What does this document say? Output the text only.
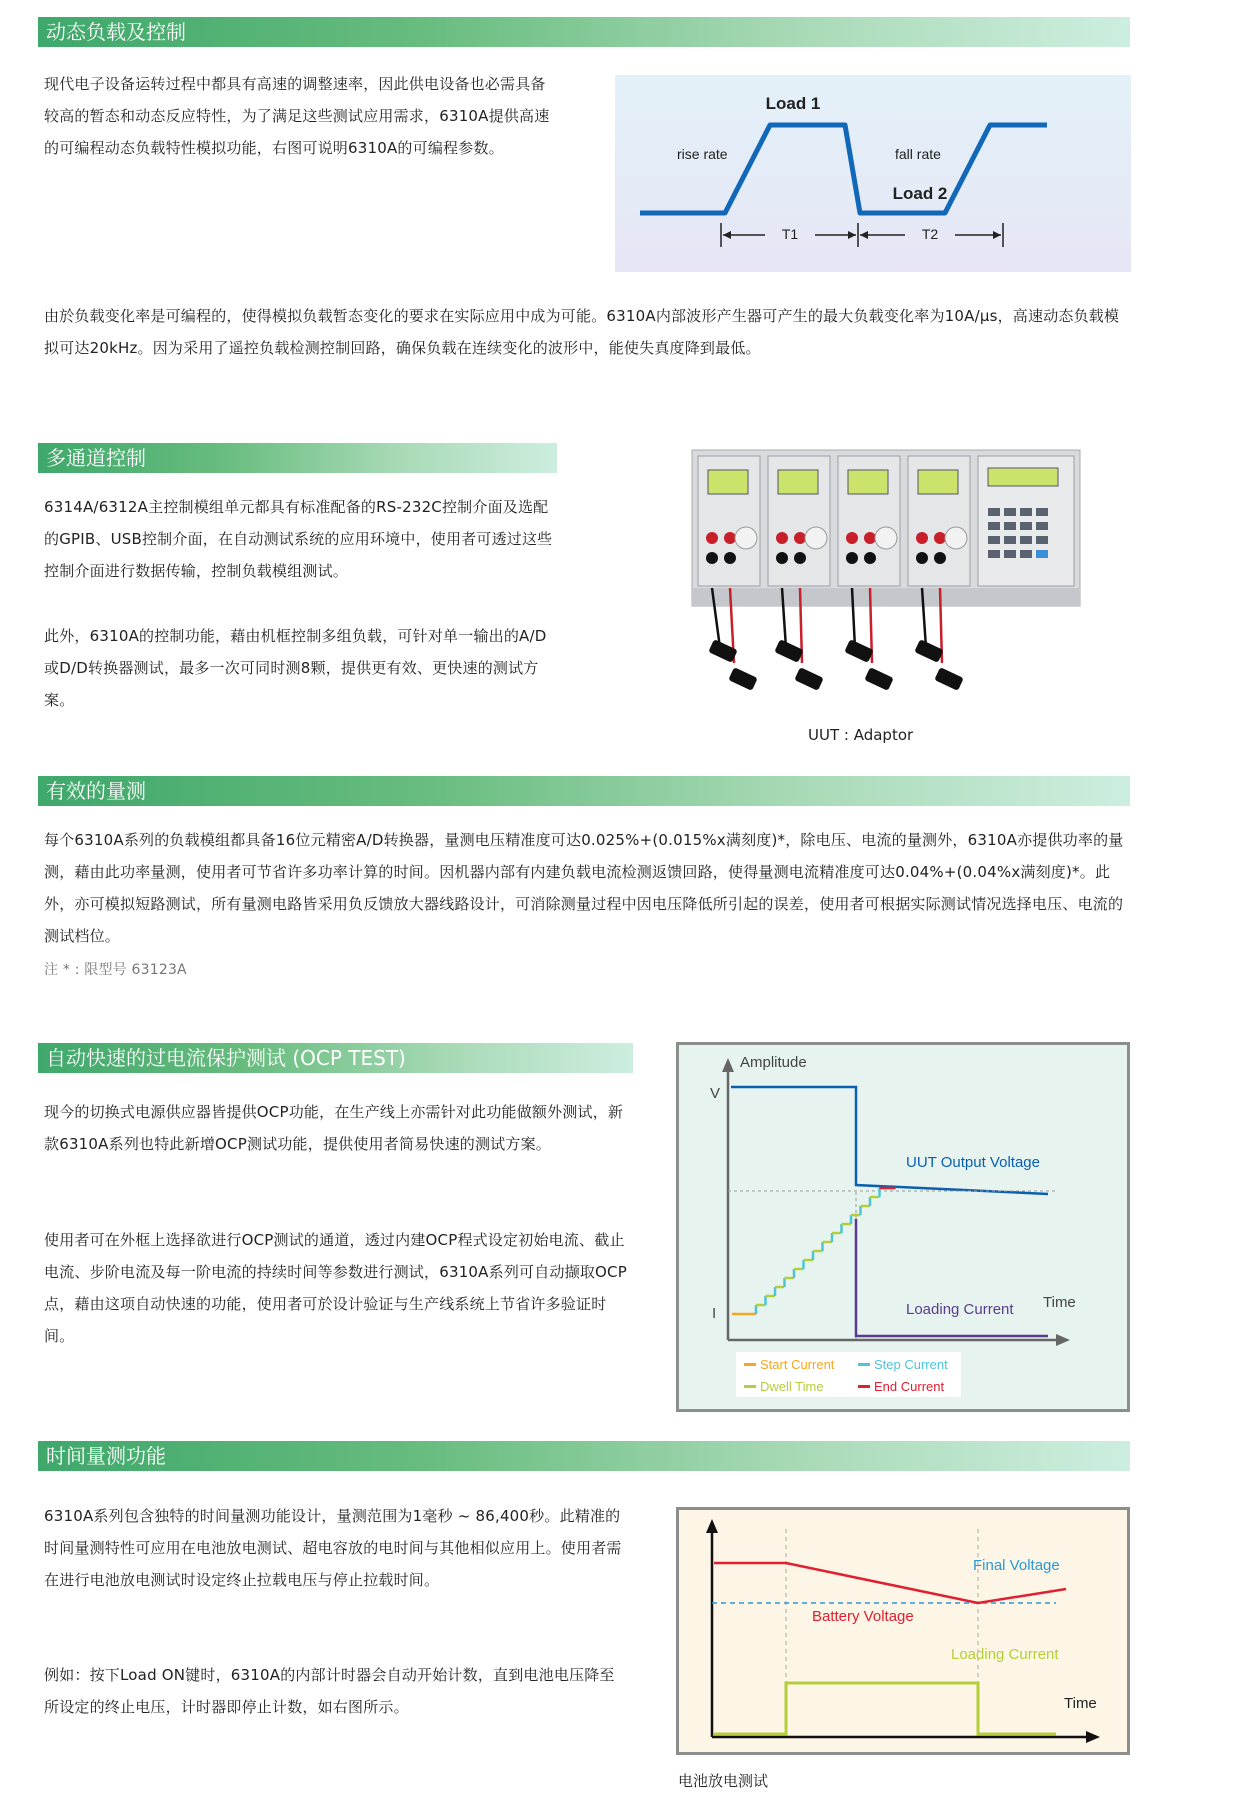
动态负载及控制

现代电子设备运转过程中都具有高速的调整速率，因此供电设备也必需具备较高的暂态和动态反应特性，为了满足这些测试应用需求，6310A提供高速的可编程动态负载特性模拟功能，右图可说明6310A的可编程参数。

Load 1
Load 2
rise rate	fall rate
T1	T2

由於负载变化率是可编程的，使得模拟负载暂态变化的要求在实际应用中成为可能。6310A内部波形产生器可产生的最大负载变化率为10A/μs，高速动态负载模拟可达20kHz。因为采用了遥控负载检测控制回路，确保负载在连续变化的波形中，能使失真度降到最低。

多通道控制

6314A/6312A主控制模组单元都具有标准配备的RS-232C控制介面及选配的GPIB、USB控制介面，在自动测试系统的应用环境中，使用者可透过这些控制介面进行数据传输，控制负载模组测试。

此外，6310A的控制功能，藉由机框控制多组负载，可针对单一输出的A/D或D/D转换器测试，最多一次可同时测8颗，提供更有效、更快速的测试方案。

UUT : Adaptor
有效的量测

每个6310A系列的负载模组都具备16位元精密A/D转换器，量测电压精准度可达0.025%+(0.015%x满刻度)*，除电压、电流的量测外，6310A亦提供功率的量测，藉由此功率量测，使用者可节省许多功率计算的时间。因机器内部有内建负载电流检测返馈回路，使得量测电流精准度可达0.04%+(0.04%x满刻度)*。此外，亦可模拟短路测试，所有量测电路皆采用负反馈放大器线路设计，可消除测量过程中因电压降低所引起的误差，使用者可根据实际测试情况选择电压、电流的测试档位。

注 * : 限型号 63123A
自动快速的过电流保护测试 (OCP TEST)

现今的切换式电源供应器皆提供OCP功能，在生产线上亦需针对此功能做额外测试，新款6310A系列也特此新增OCP测试功能，提供使用者简易快速的测试方案。

使用者可在外框上选择欲进行OCP测试的通道，透过内建OCP程式设定初始电流、截止电流、步阶电流及每一阶电流的持续时间等参数进行测试，6310A系列可自动撷取OCP点，藉由这项自动快速的功能，使用者可於设计验证与生产线系统上节省许多验证时间。

Amplitude
V
I
Time
UUT Output Voltage
Loading Current
Start Current	Step Current
Dwell Time	End Current
时间量测功能

6310A系列包含独特的时间量测功能设计，量测范围为1毫秒 ~ 86,400秒。此精准的时间量测特性可应用在电池放电测试、超电容放的电时间与其他相似应用上。使用者需在进行电池放电测试时设定终止拉载电压与停止拉载时间。

例如：按下Load ON键时，6310A的内部计时器会自动开始计数，直到电池电压降至所设定的终止电压，计时器即停止计数，如右图所示。

Final Voltage
Battery Voltage
Loading Current
Time
电池放电测试
